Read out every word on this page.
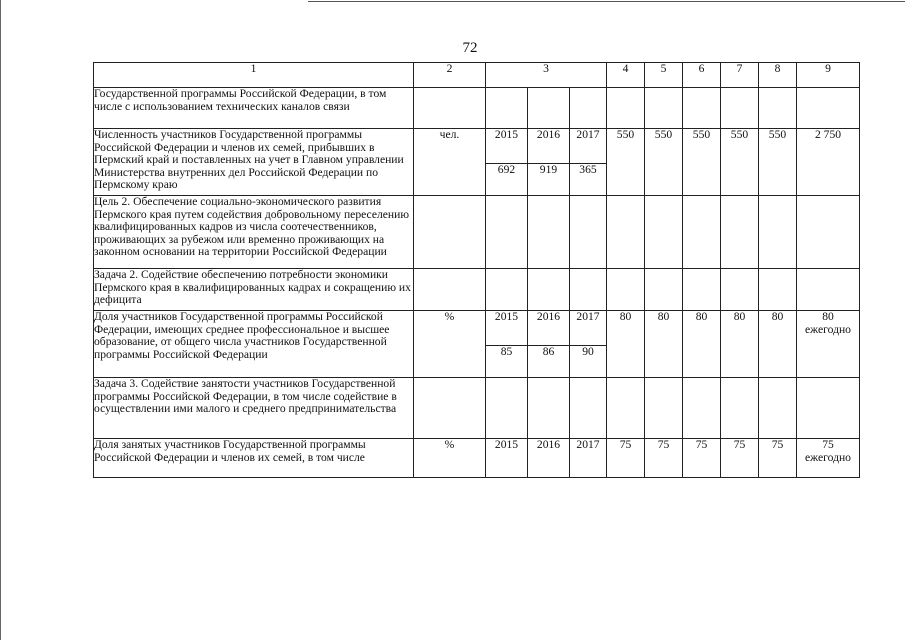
72
1	2	3			4	5	6	7	8	9
Государственной программы Российской Федерации, в том числе с использованием технических каналов связи										
Численность участников Государственной программы Российской Федерации и членов их семей, прибывших в Пермский край и поставленных на учет в Главном управлении Министерства внутренних дел Российской Федерации по Пермскому краю	чел.	2015	2016	2017	550	550	550	550	550	2 750
		692	919	365						
Цель 2. Обеспечение социально-экономического развития Пермского края путем содействия добровольному переселению квалифицированных кадров из числа соотечественников, проживающих за рубежом или временно проживающих на законном основании на территории Российской Федерации										
Задача 2. Содействие обеспечению потребности экономики Пермского края в квалифицированных кадрах и сокращению их дефицита										
Доля участников Государственной программы Российской Федерации, имеющих среднее профессиональное и высшее образование, от общего числа участников Государственной программы Российской Федерации	%	2015	2016	2017	80	80	80	80	80	80
ежегодно

		85	86	90						
Задача 3. Содействие занятости участников Государственной программы Российской Федерации, в том числе содействие в осуществлении ими малого и среднего предпринимательства										
Доля занятых участников Государственной программы Российской Федерации и членов их семей, в том числе	%	2015	2016	2017	75	75	75	75	75	75
ежегодно
